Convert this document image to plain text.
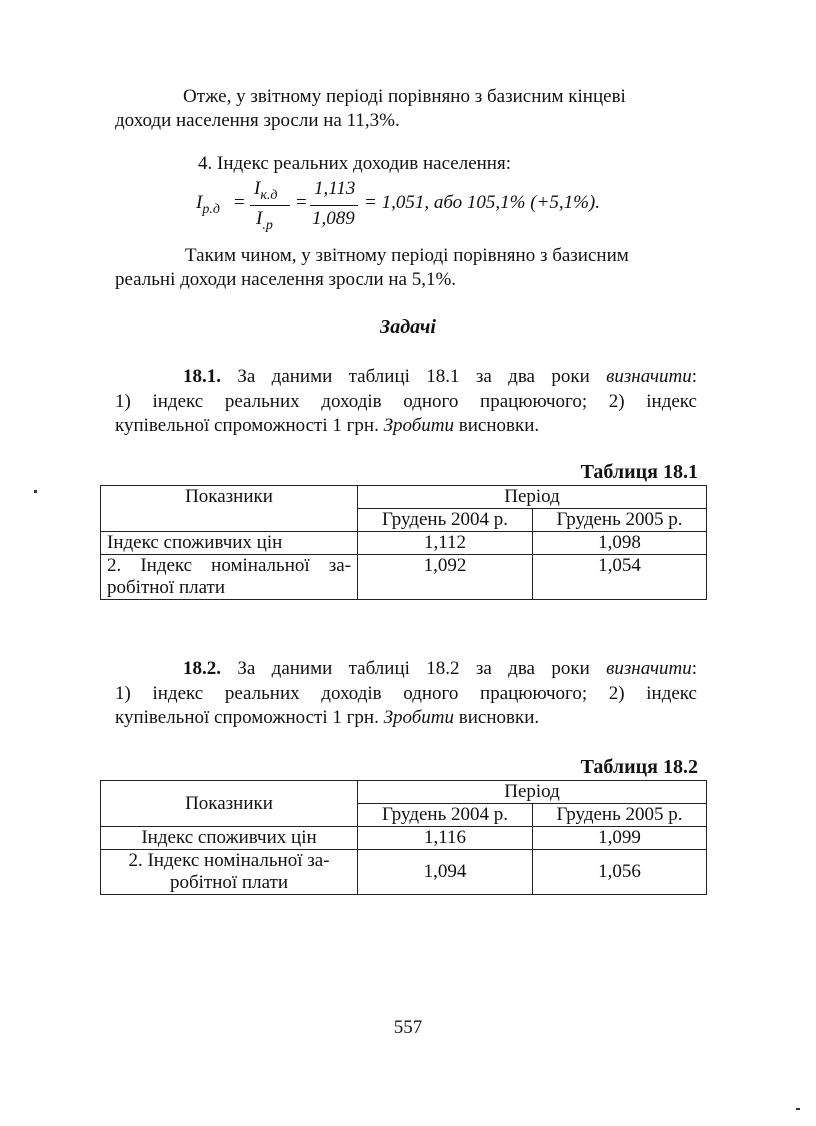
Отже, у звітному періоді порівняно з базисним кінцеві
доходи населення зросли на 11,3%.
4. Індекс реальних доходив населення:
$I_{р.д}$ =
$I_{к.д}$
$I_{.р}$
=
1,113
1,089
= 1,051, або 105,1% (+5,1%).
Таким чином, у звітному періоді порівняно з базисним
реальні доходи населення зросли на 5,1%.
Задачі
18.1. За даними таблиці 18.1 за два роки визначити:
1) індекс реальних доходів одного працюючого; 2) індекс
купівельної спроможності 1 грн. Зробити висновки.
Таблиця 18.1
Показники	Період	
	Грудень 2004 р.	Грудень 2005 р.
Індекс споживчих цін	1,112	1,098

2. Індекс номінальної за-
робітної плати	1,092	1,054
18.2. За даними таблиці 18.2 за два роки визначити:
1) індекс реальних доходів одного працюючого; 2) індекс
купівельної спроможності 1 грн. Зробити висновки.
Таблиця 18.2
Показники	Період	
	Грудень 2004 р.	Грудень 2005 р.
Індекс споживчих цін	1,116	1,099

2. Індекс номінальної за-
робітної плати	1,094	1,056
557
